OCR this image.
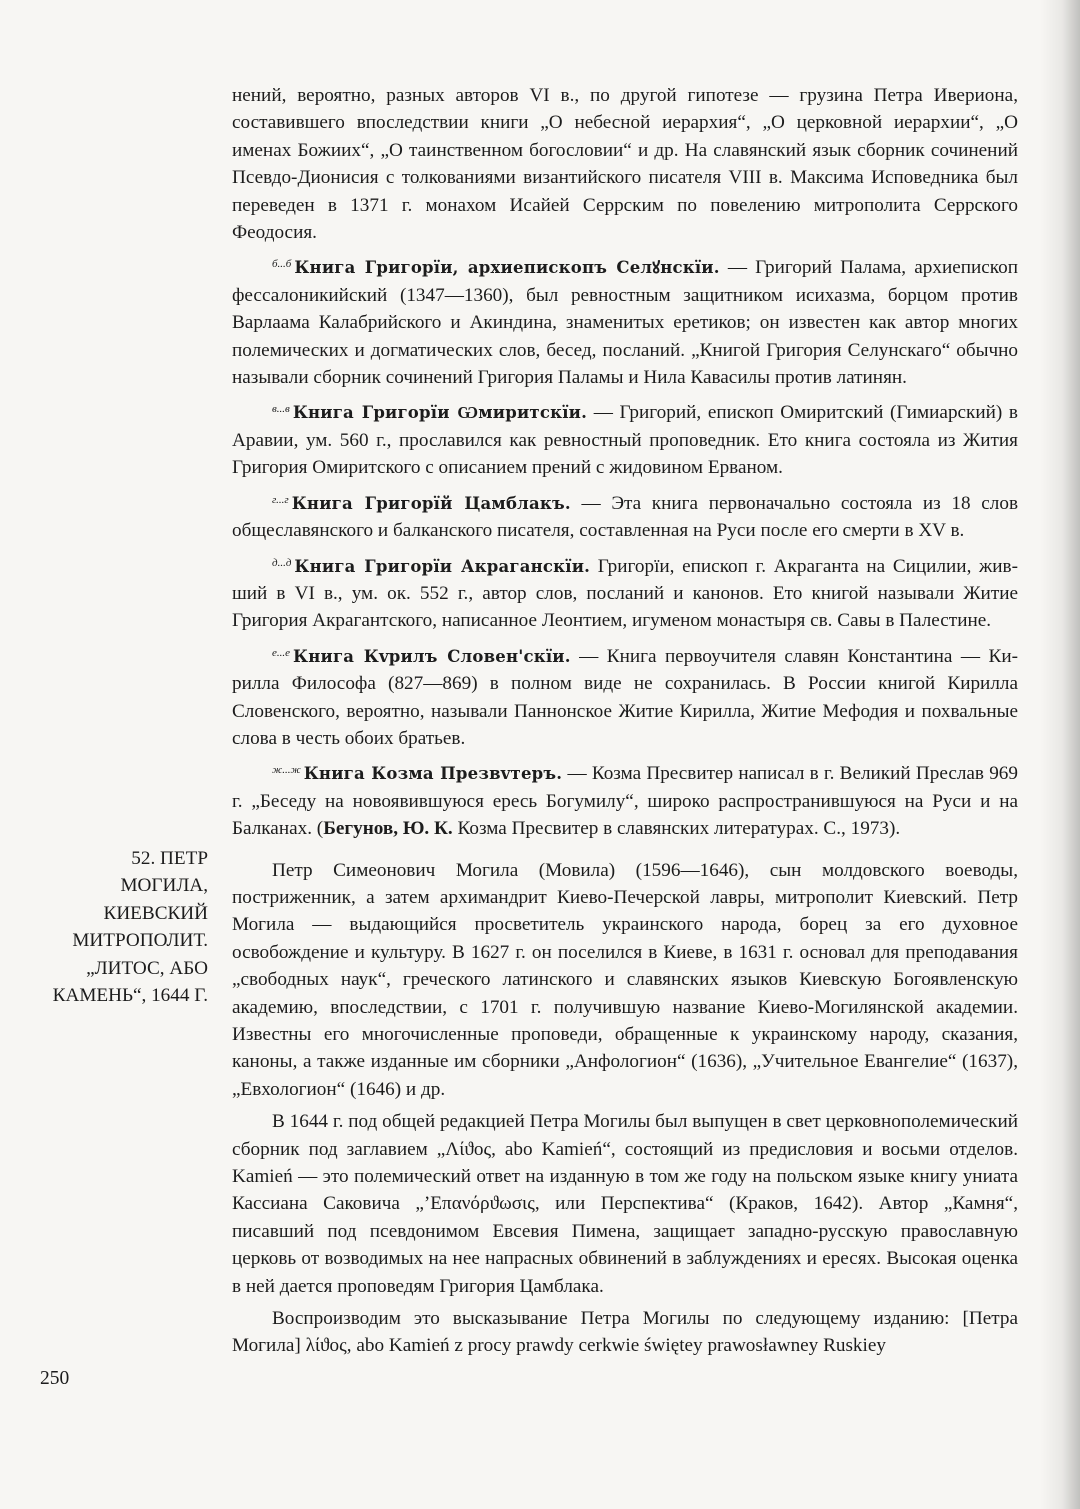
нений, вероятно, разных авторов VI в., по другой гипотезе — грузина Петра Ивериона, составившего впоследствии книги „О небесной иерархия“, „О церковной иерархии“, „О именах Божиих“, „О таинственном богословии“ и др. На славянский язык сборник сочинений Псевдо-Дионисия с толкованиями византийского писателя VIII в. Максима Исповедника был переведен в 1371 г. монахом Исайей Серрским по повелению митрополита Серрского Феодосия.

$^{б...б}$ Книга Григорїи, архиепископъ Селꙋнскїи. — Григорий Палама, архиепископ фессалоникийский (1347—1360), был ревностным защитником исихазма, борцом против Варлаама Калабрийского и Акиндина, знаменитых еретиков; он известен как автор многих полемических и догматических слов, бесед, посланий. „Книгой Григория Селунскаго“ обычно называли сборник сочинений Григория Паламы и Нила Кавасилы против латинян.

$^{в...в}$ Книга Григорїи Ѡмиритскїи. — Григорий, епископ Омиритский (Гимиарский) в Аравии, ум. 560 г., прославился как ревностный проповедник. Ето книга состояла из Жития Григория Омиритского с описанием прений с жидовином Ерваном.

$^{г...г}$ Книга Григорїй Цамблакъ. — Эта книга первоначально состояла из 18 слов общеславянского и балканского писателя, составленная на Руси после его смерти в XV в.

$^{д...д}$ Книга Григорїи Акраганскїи. Григорїи, епископ г. Акраганта на Сицилии, живший в VI в., ум. ок. 552 г., автор слов, посланий и канонов. Ето книгой называли Житие Григория Акрагантского, написанное Леонтием, игуменом монастыря св. Савы в Палестине.

$^{е...е}$ Книга Кvрилъ Словен'скїи. — Книга первоучителя славян Константина — Кирилла Философа (827—869) в полном виде не сохранилась. В России книгой Кирилла Словенского, вероятно, называли Паннонское Житие Кирилла, Житие Мефодия и похвальные слова в честь обоих братьев.

$^{ж...ж}$ Книга Козма Презвvтеръ. — Козма Пресвитер написал в г. Великий Преслав 969 г. „Беседу на новоявившуюся ересь Богумилу“, широко распространившуюся на Руси и на Балканах. (Бегунов, Ю. К. Козма Пресвитер в славянских литературах. С., 1973).

Петр Симеонович Могила (Мовила) (1596—1646), сын молдовского воеводы, постриженник, а затем архимандрит Киево-Печерской лавры, митрополит Киевский. Петр Могила — выдающийся просветитель украинского народа, борец за его духовное освобождение и культуру. В 1627 г. он поселился в Киеве, в 1631 г. основал для преподавания „свободных наук“, греческого латинского и славянских языков Киевскую Богоявленскую академию, впоследствии, с 1701 г. получившую название Киево-Могилянской академии. Известны его многочисленные проповеди, обращенные к украинскому народу, сказания, каноны, а также изданные им сборники „Анфологион“ (1636), „Учительное Евангелие“ (1637), „Евхологион“ (1646) и др.

В 1644 г. под общей редакцией Петра Могилы был выпущен в свет церковнополемический сборник под заглавием „Λίϑος, abo Kamień“, состоящий из предисловия и восьми отделов. Kamień — это полемический ответ на изданную в том же году на польском языке книгу униата Кассиана Саковича „’Επανόρϑωσις, или Перспектива“ (Краков, 1642). Автор „Камня“, писавший под псевдонимом Евсевия Пимена, защищает западно-русскую православную церковь от возводимых на нее напрасных обвинений в заблуждениях и ересях. Высокая оценка в ней дается проповедям Григория Цамблака.

Воспроизводим это высказывание Петра Могилы по следующему изданию: [Петра Могила] λίϑος, abo Kamień z procy prawdy cerkwie świętey prawosławney Ruskiey

52. ПЕТР МОГИЛА, КИЕВСКИЙ МИТРОПОЛИТ. „ЛИТОС, АБО КАМЕНЬ“, 1644 Г.
250
